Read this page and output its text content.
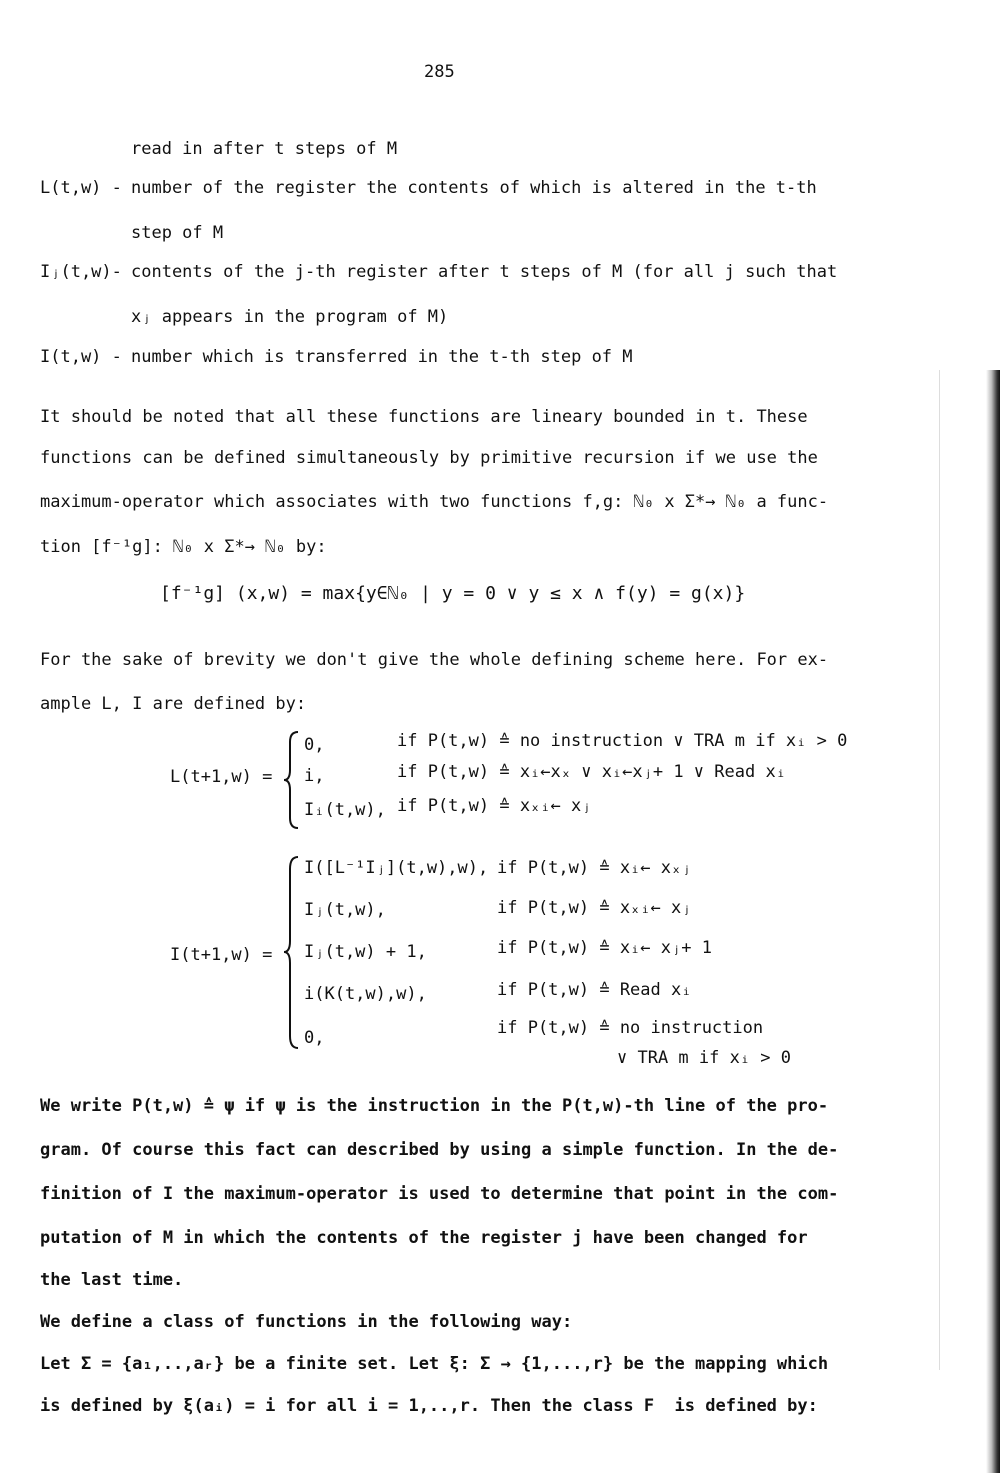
285
read in after t steps of M
L(t,w) - number of the register the contents of which is altered in the t-th
step of M
Iⱼ(t,w)- contents of the j-th register after t steps of M (for all j such that
xⱼ appears in the program of M)
I(t,w) - number which is transferred in the t-th step of M
It should be noted that all these functions are lineary bounded in t. These
functions can be defined simultaneously by primitive recursion if we use the
maximum-operator which associates with two functions f,g: ℕ₀ x Σ*→ ℕ₀ a func-
tion [f⁻¹g]: ℕ₀ x Σ*→ ℕ₀ by:
[f⁻¹g] (x,w) = max{y∈ℕ₀ | y = 0 ∨ y ≤ x ∧ f(y) = g(x)}
For the sake of brevity we don't give the whole defining scheme here. For ex-
ample L, I are defined by:
L(t+1,w) =
0,	if P(t,w) ≙ no instruction ∨ TRA m if xᵢ > 0
i,	if P(t,w) ≙ xᵢ←xₓ ∨ xᵢ←xⱼ+ 1 ∨ Read xᵢ
Iᵢ(t,w), if P(t,w) ≙ xₓᵢ← xⱼ
I(t+1,w) =
I([L⁻¹Iⱼ](t,w),w), if P(t,w) ≙ xᵢ← xₓⱼ
Iⱼ(t,w),	if P(t,w) ≙ xₓᵢ← xⱼ
Iⱼ(t,w) + 1,	if P(t,w) ≙ xᵢ← xⱼ+ 1
i(K(t,w),w),	if P(t,w) ≙ Read xᵢ
0,	if P(t,w) ≙ no instruction
∨ TRA m if xᵢ > 0
We write P(t,w) ≙ ψ if ψ is the instruction in the P(t,w)-th line of the pro-
gram. Of course this fact can described by using a simple function. In the de-
finition of I the maximum-operator is used to determine that point in the com-
putation of M in which the contents of the register j have been changed for
the last time.
We define a class of functions in the following way:
Let Σ = {a₁,..,aᵣ} be a finite set. Let ξ: Σ → {1,...,r} be the mapping which
is defined by ξ(aᵢ) = i for all i = 1,..,r. Then the class F  is defined by:
